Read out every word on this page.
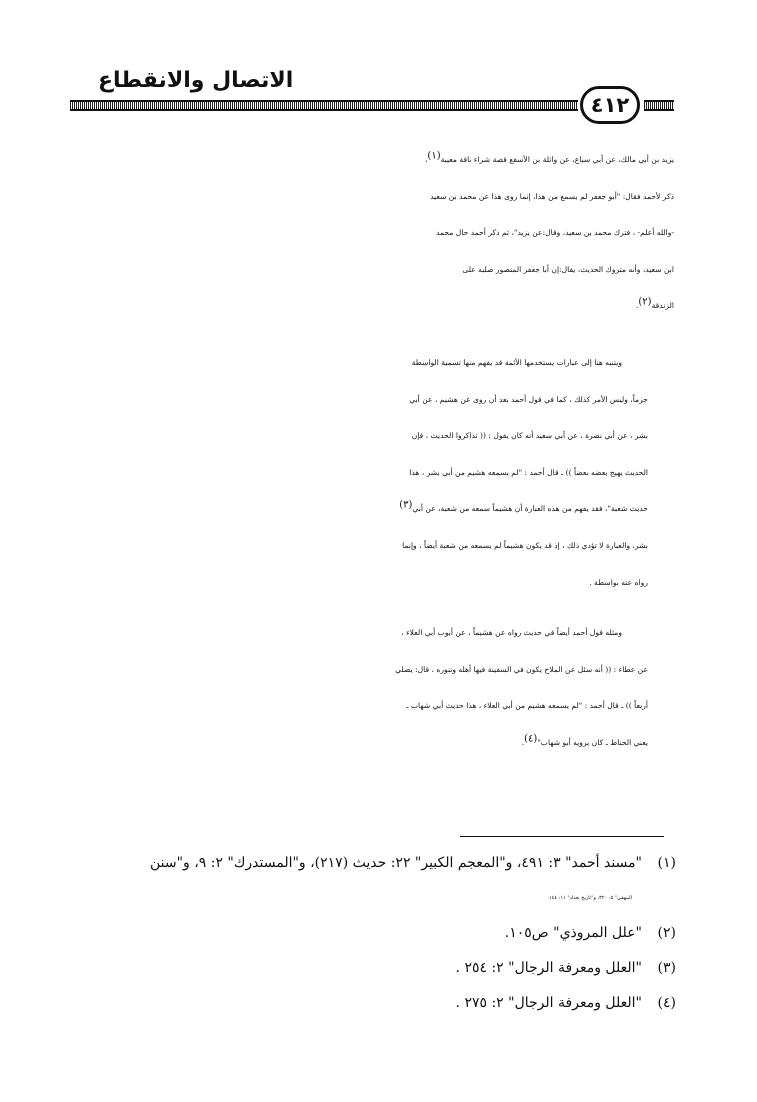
الاتصال والانقطاع
٤١٢

يزيد بن أبي مالك، عن أبي سباع، عن واثلة بن الأسقع قصة شراء ناقة معيبة$^{(١)}$،
ذكر لأحمد فقال: "أبو جعفر لم يسمع من هذا، إنما روى هذا عن محمد بن سعيد
-والله أعلم- ، فترك محمد بن سعيد، وقال:عن يزيد"، ثم ذكر أحمد حال محمد
ابن سعيد، وأنه متروك الحديث، يقال:إن أبا جعفر المنصور صلبه على
الزندقة$^{(٢)}$.

ويتنبه هنا إلى عبارات يستخدمها الأئمة قد يفهم منها تسمية الواسطة
جزماً، وليس الأمر كذلك ، كما في قول أحمد بعد أن روى عن هشيم ، عن أبي
بشر ، عن أبي نضرة ، عن أبي سعيد أنه كان يقول : (( تذاكروا الحديث ، فإن
الحديث يهيج بعضه بعضاً )) ـ قال أحمد : "لم يسمعه هشيم من أبي بشر ، هذا
حديث شعبة"، فقد يفهم من هذه العبارة أن هشيماً سمعه من شعبة، عن أبي$^{(٣)}$
بشر، والعبارة لا تؤدي ذلك ، إذ قد يكون هشيماً لم يسمعه من شعبة أيضاً ، وإنما
رواه عنه بواسطة .

ومثله قول أحمد أيضاً في حديث رواه عن هشيماً ، عن أيوب أبي العلاء ،
عن عطاء : (( أنه سئل عن الملاح يكون في السفينة فيها أهله وتنوره ، قال: يصلي
أربعاً )) ـ قال أحمد : "لم يسمعه هشيم من أبي العلاء ، هذا حديث أبي شهاب ـ
يعني الحناط ـ كان يرويه أبو شهاب"$^{(٤)}$.

(١)"مسند أحمد" ٣: ٤٩١، و"المعجم الكبير" ٢٢: حديث (٢١٧)، و"المستدرك" ٢: ٩، و"سنن
البيهقي" ٥: ٣٢٠، و"تاريخ بغداد" ١١: ١٤٤.

(٢)"علل المروذي" ص١٠٥.

(٣)"العلل ومعرفة الرجال" ٢: ٢٥٤ .

(٤)"العلل ومعرفة الرجال" ٢: ٢٧٥ .
